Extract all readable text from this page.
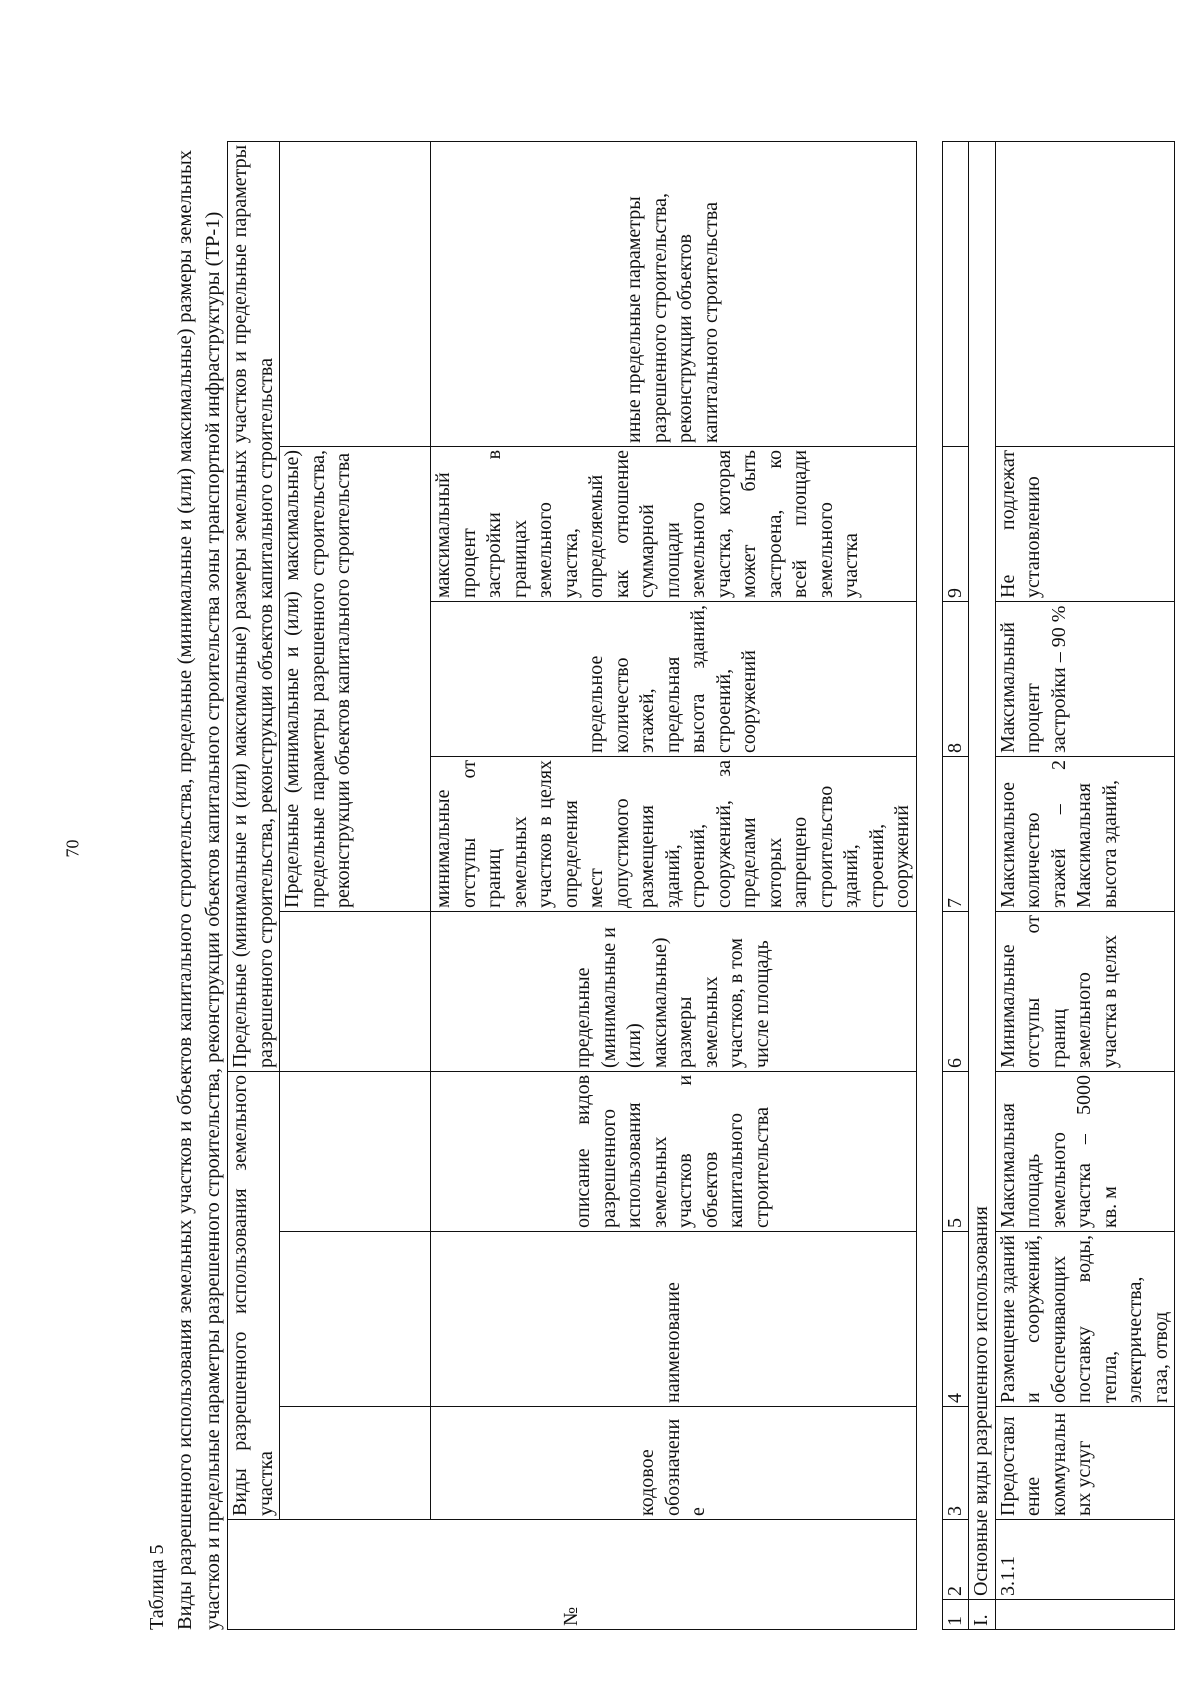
70
Таблица 5 Виды разрешенного использования земельных участков и объектов капитального строительства, предельные (минимальные и (или) максимальные) размеры земельных участков и предельные параметры разрешенного строительства, реконструкции объектов капитального строительства зоны транспортной инфраструктуры (ТР-1)	№	Виды разрешенного использования земельного участка			Предельные (минимальные и (или) максимальные) размеры земельных участков и предельные параметры разрешенного строительства, реконструкции объектов капитального строительства				
					Предельные (минимальные и (или) максимальные) предельные параметры разрешенного строительства, реконструкции объектов капитального строительства			
	кодовое обозначение	наименование	описание видов разрешенного использования земельных участков и объектов капитального строительства	предельные (минимальные и (или) максимальные) размеры земельных участков, в том числе площадь	минимальные отступы от границ земельных участков в целях определения мест допустимого размещения зданий, строений, сооружений, за пределами которых запрещено строительство зданий, строений, сооружений	предельное количество этажей, предельная высота зданий, строений, сооружений	максимальный процент застройки в границах земельного участка, определяемый как отношение суммарной площади земельного участка, которая может быть застроена, ко всей площади земельного участка	иные предельные параметры разрешенного строительства, реконструкции объектов капитального строительства
1	2	3	4	5	6	7	8	9	
I.	Основные виды разрешенного использования								
	3.1.1	Предоставление коммунальных услуг	Размещение зданий и сооружений, обеспечивающих поставку воды, тепла, электричества, газа, отвод	Максимальная площадь земельного участка – 5000 кв. м	Минимальные отступы от границ земельного участка в целях	Максимальное количество этажей – 2 Максимальная высота зданий,	Максимальный процент застройки – 90 %	Не подлежат установлению	
